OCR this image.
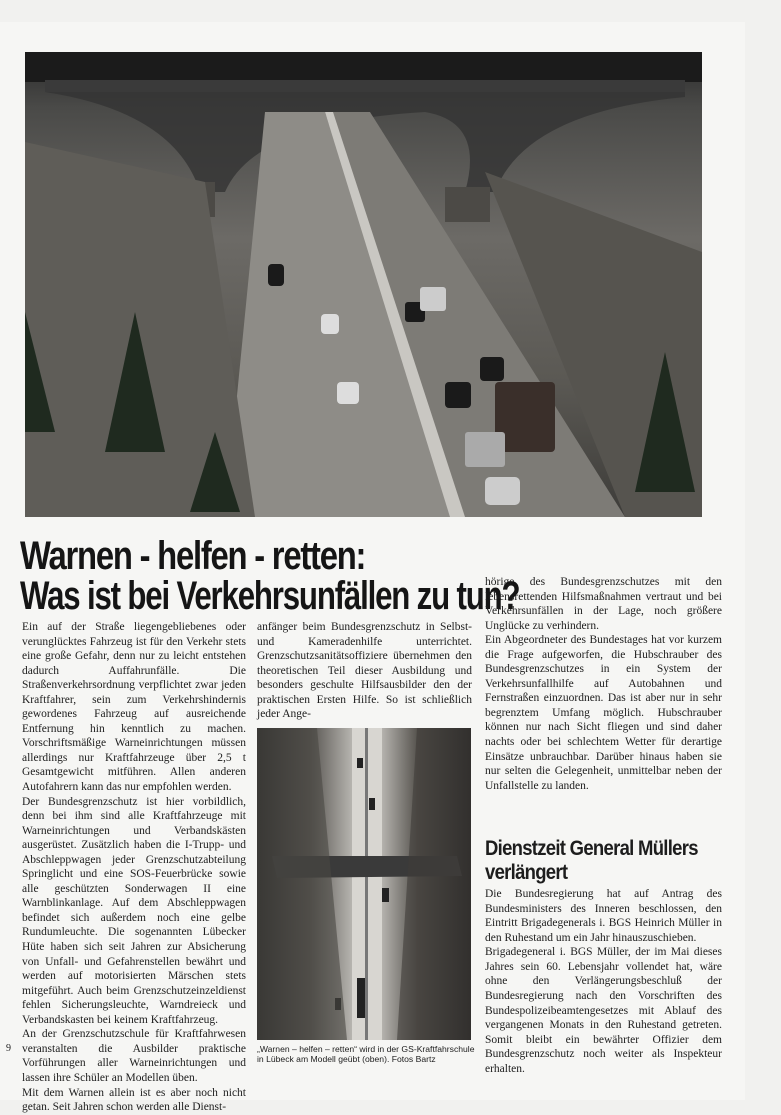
Warnen - helfen - retten:
Was ist bei Verkehrsunfällen zu tun?

Ein auf der Straße liegengebliebenes oder verunglücktes Fahrzeug ist für den Verkehr stets eine große Gefahr, denn nur zu leicht entstehen dadurch Auffahrunfälle. Die Straßenverkehrsordnung verpflichtet zwar jeden Kraftfahrer, sein zum Verkehrshindernis gewordenes Fahrzeug auf ausreichende Entfernung hin kenntlich zu machen. Vorschriftsmäßige Warneinrichtungen müssen allerdings nur Kraftfahrzeuge über 2,5 t Gesamtgewicht mitführen. Allen anderen Autofahrern kann das nur empfohlen werden.

Der Bundesgrenzschutz ist hier vorbildlich, denn bei ihm sind alle Kraftfahrzeuge mit Warneinrichtungen und Verbandskästen ausgerüstet. Zusätzlich haben die I-Trupp- und Abschleppwagen jeder Grenzschutzabteilung Springlicht und eine SOS-Feuerbrücke sowie alle geschützten Sonderwagen II eine Warnblinkanlage. Auf dem Abschleppwagen befindet sich außerdem noch eine gelbe Rundumleuchte. Die sogenannten Lübecker Hüte haben sich seit Jahren zur Absicherung von Unfall- und Gefahrenstellen bewährt und werden auf motorisierten Märschen stets mitgeführt. Auch beim Grenzschutzeinzeldienst fehlen Sicherungsleuchte, Warndreieck und Verbandskasten bei keinem Kraftfahrzeug.

An der Grenzschutzschule für Kraftfahrwesen veranstalten die Ausbilder praktische Vorführungen aller Warneinrichtungen und lassen ihre Schüler an Modellen üben.

Mit dem Warnen allein ist es aber noch nicht getan. Seit Jahren schon werden alle Dienst-

anfänger beim Bundesgrenzschutz in Selbst- und Kameradenhilfe unterrichtet. Grenzschutzsanitätsoffiziere übernehmen den theoretischen Teil dieser Ausbildung und besonders geschulte Hilfsausbilder den der praktischen Ersten Hilfe. So ist schließlich jeder Ange-

„Warnen – helfen – retten“ wird in der GS-Kraftfahrschule in Lübeck am Modell geübt (oben). Fotos Bartz

hörige des Bundesgrenzschutzes mit den lebensrettenden Hilfsmaßnahmen vertraut und bei Verkehrsunfällen in der Lage, noch größere Unglücke zu verhindern.

Ein Abgeordneter des Bundestages hat vor kurzem die Frage aufgeworfen, die Hubschrauber des Bundesgrenzschutzes in ein System der Verkehrsunfallhilfe auf Autobahnen und Fernstraßen einzuordnen. Das ist aber nur in sehr begrenztem Umfang möglich. Hubschrauber können nur nach Sicht fliegen und sind daher nachts oder bei schlechtem Wetter für derartige Einsätze unbrauchbar. Darüber hinaus haben sie nur selten die Gelegenheit, unmittelbar neben der Unfallstelle zu landen.

Dienstzeit General Müllers verlängert

Die Bundesregierung hat auf Antrag des Bundesministers des Inneren beschlossen, den Eintritt Brigadegenerals i. BGS Heinrich Müller in den Ruhestand um ein Jahr hinauszuschieben.

Brigadegeneral i. BGS Müller, der im Mai dieses Jahres sein 60. Lebensjahr vollendet hat, wäre ohne den Verlängerungsbeschluß der Bundesregierung nach den Vorschriften des Bundespolizeibeamtengesetzes mit Ablauf des vergangenen Monats in den Ruhestand getreten. Somit bleibt ein bewährter Offizier dem Bundesgrenzschutz noch weiter als Inspekteur erhalten.

9
